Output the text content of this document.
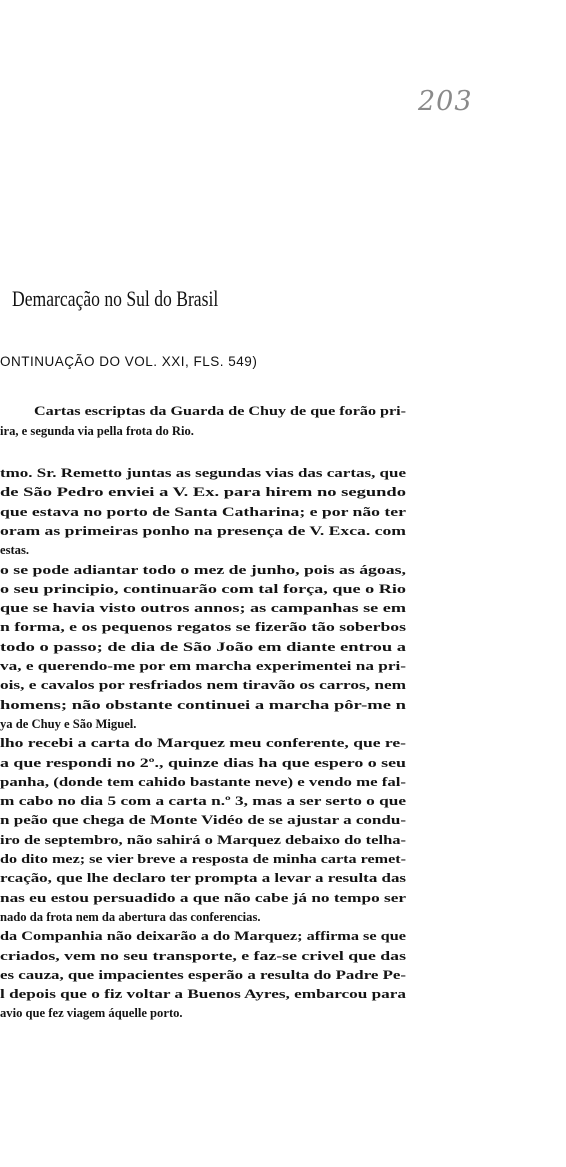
203
Demarcação no Sul do Brasil
ONTINUAÇÃO DO VOL. XXI, FLS. 549)
Cartas escriptas da Guarda de Chuy de que forão pri-
ira, e segunda via pella frota do Rio.
tmo. Sr. Remetto juntas as segundas vias das cartas, que
de São Pedro enviei a V. Ex. para hirem no segundo
que estava no porto de Santa Catharina; e por não ter
oram as primeiras ponho na presença de V. Exca. com
estas.
o se pode adiantar todo o mez de junho, pois as ágoas,
o seu principio, continuarão com tal força, que o Rio
que se havia visto outros annos; as campanhas se em
n forma, e os pequenos regatos se fizerão tão soberbos
todo o passo; de dia de São João em diante entrou a
va, e querendo-me por em marcha experimentei na pri-
ois, e cavalos por resfriados nem tiravão os carros, nem
homens; não obstante continuei a marcha pôr-me n
ya de Chuy e São Miguel.
lho recebi a carta do Marquez meu conferente, que re-
a que respondi no 2º., quinze dias ha que espero o seu
panha, (donde tem cahido bastante neve) e vendo me fal-
m cabo no dia 5 com a carta n.º 3, mas a ser serto o que
n peão que chega de Monte Vidéo de se ajustar a condu-
iro de septembro, não sahirá o Marquez debaixo do telha-
do dito mez; se vier breve a resposta de minha carta remet-
rcação, que lhe declaro ter prompta a levar a resulta das
nas eu estou persuadido a que não cabe já no tempo ser
nado da frota nem da abertura das conferencias.
da Companhia não deixarão a do Marquez; affirma se que
criados, vem no seu transporte, e faz-se crivel que das
es cauza, que impacientes esperão a resulta do Padre Pe-
l depois que o fiz voltar a Buenos Ayres, embarcou para
avio que fez viagem áquelle porto.
